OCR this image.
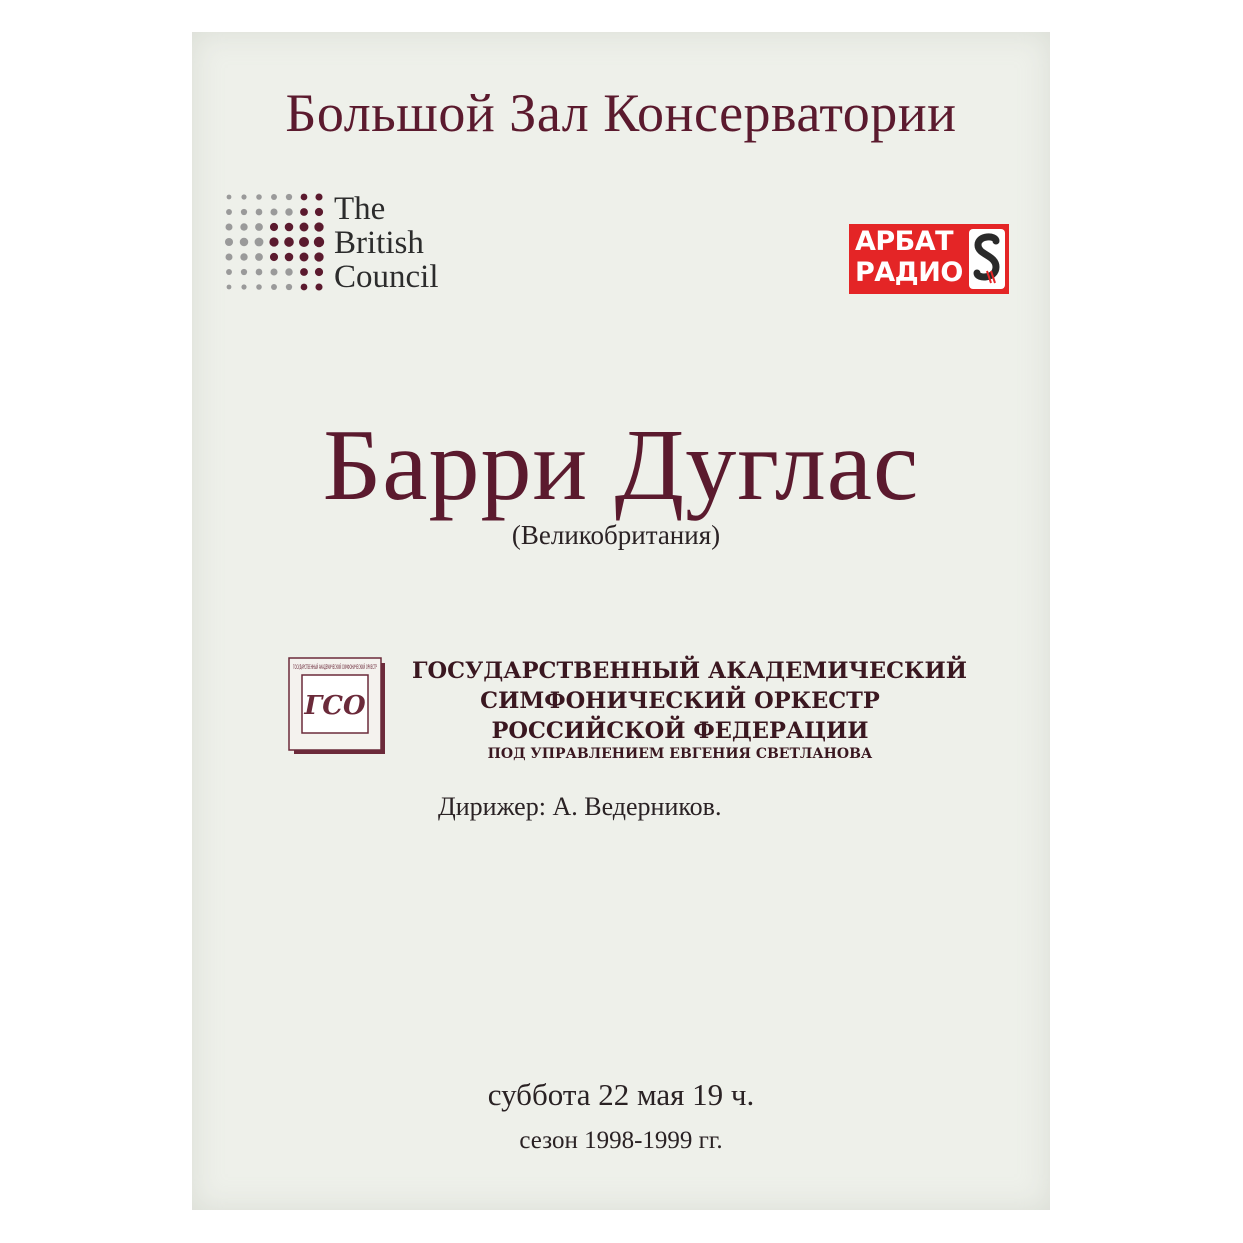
Большой Зал Консерватории
The
British
Council
АРБАТ
РАДИО
Барри Дуглас
(Великобритания)
ГСО
ГОСУДАРСТВЕННЫЙ АКА ГОСУДАРСТВЕННЫЙ АКАДЕМИЧЕСКИЙ
СИМФОНИЧЕСКИЙ ОРКЕСТР
РОССИЙСКОЙ ФЕДЕРАЦИИ
ПОД УПРАВЛЕНИЕМ ЕВГЕНИЯ СВЕТЛАНОВА
Дирижер: А. Ведерников.
суббота 22 мая 19 ч.
сезон 1998-1999 гг.
